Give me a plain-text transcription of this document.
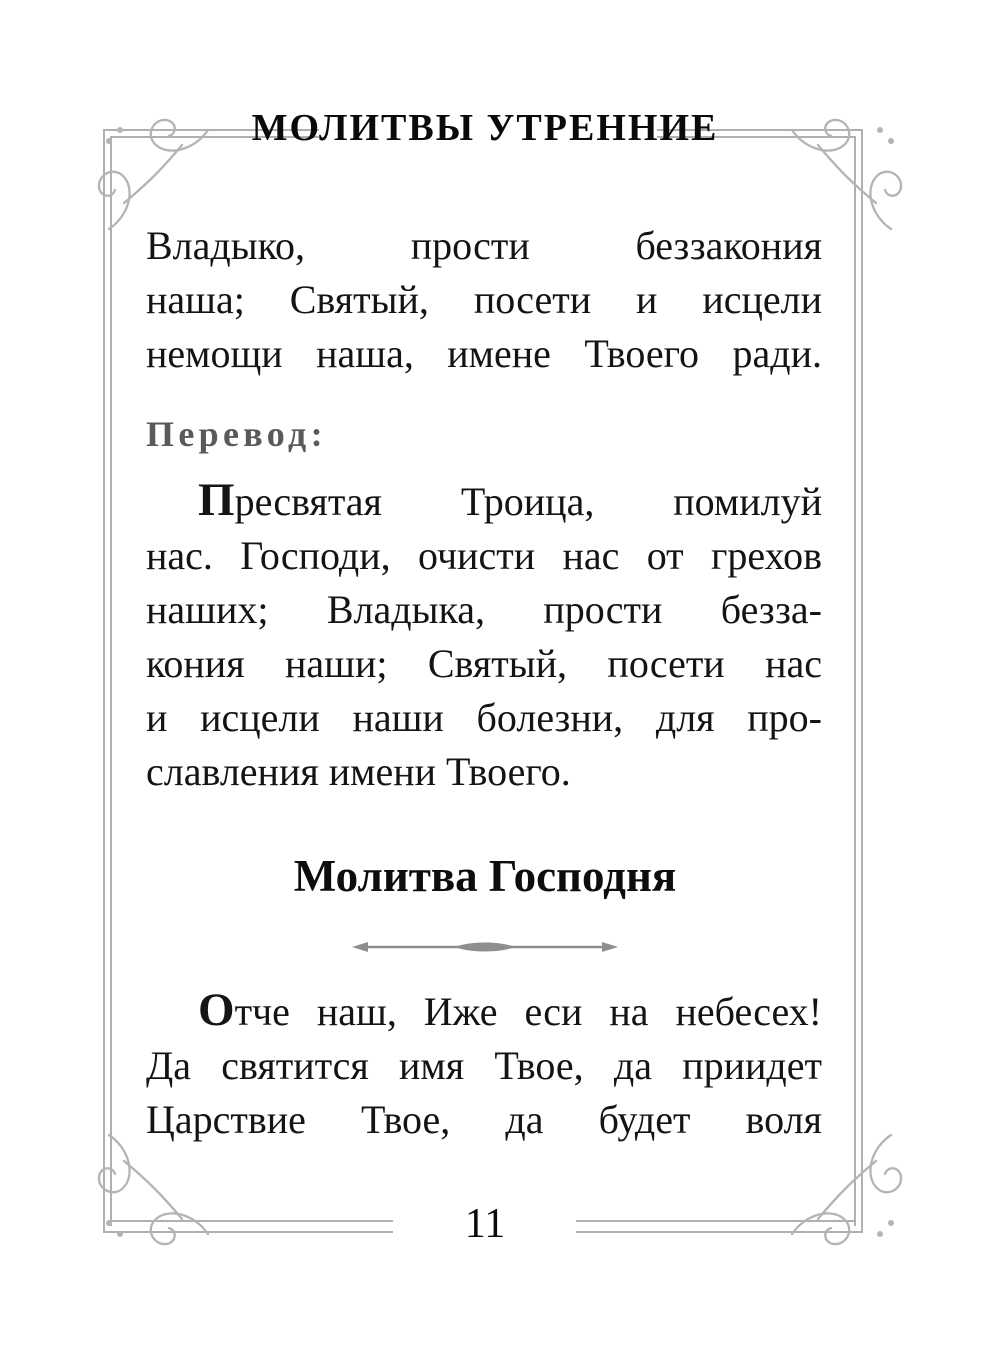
МОЛИТВЫ УТРЕННИЕ
Владыко, прости беззакония
наша; Святый, посети и исцели
немощи наша, имене Твоего ради.
Перевод:
Пресвятая Троица, помилуй
нас. Господи, очисти нас от грехов
наших; Владыка, прости безза-
кония наши; Святый, посети нас
и исцели наши болезни, для про-
славления имени Твоего.
Молитва Господня
Отче наш, Иже еси на небесех!
Да святится имя Твое, да приидет
Царствие Твое, да будет воля
11
